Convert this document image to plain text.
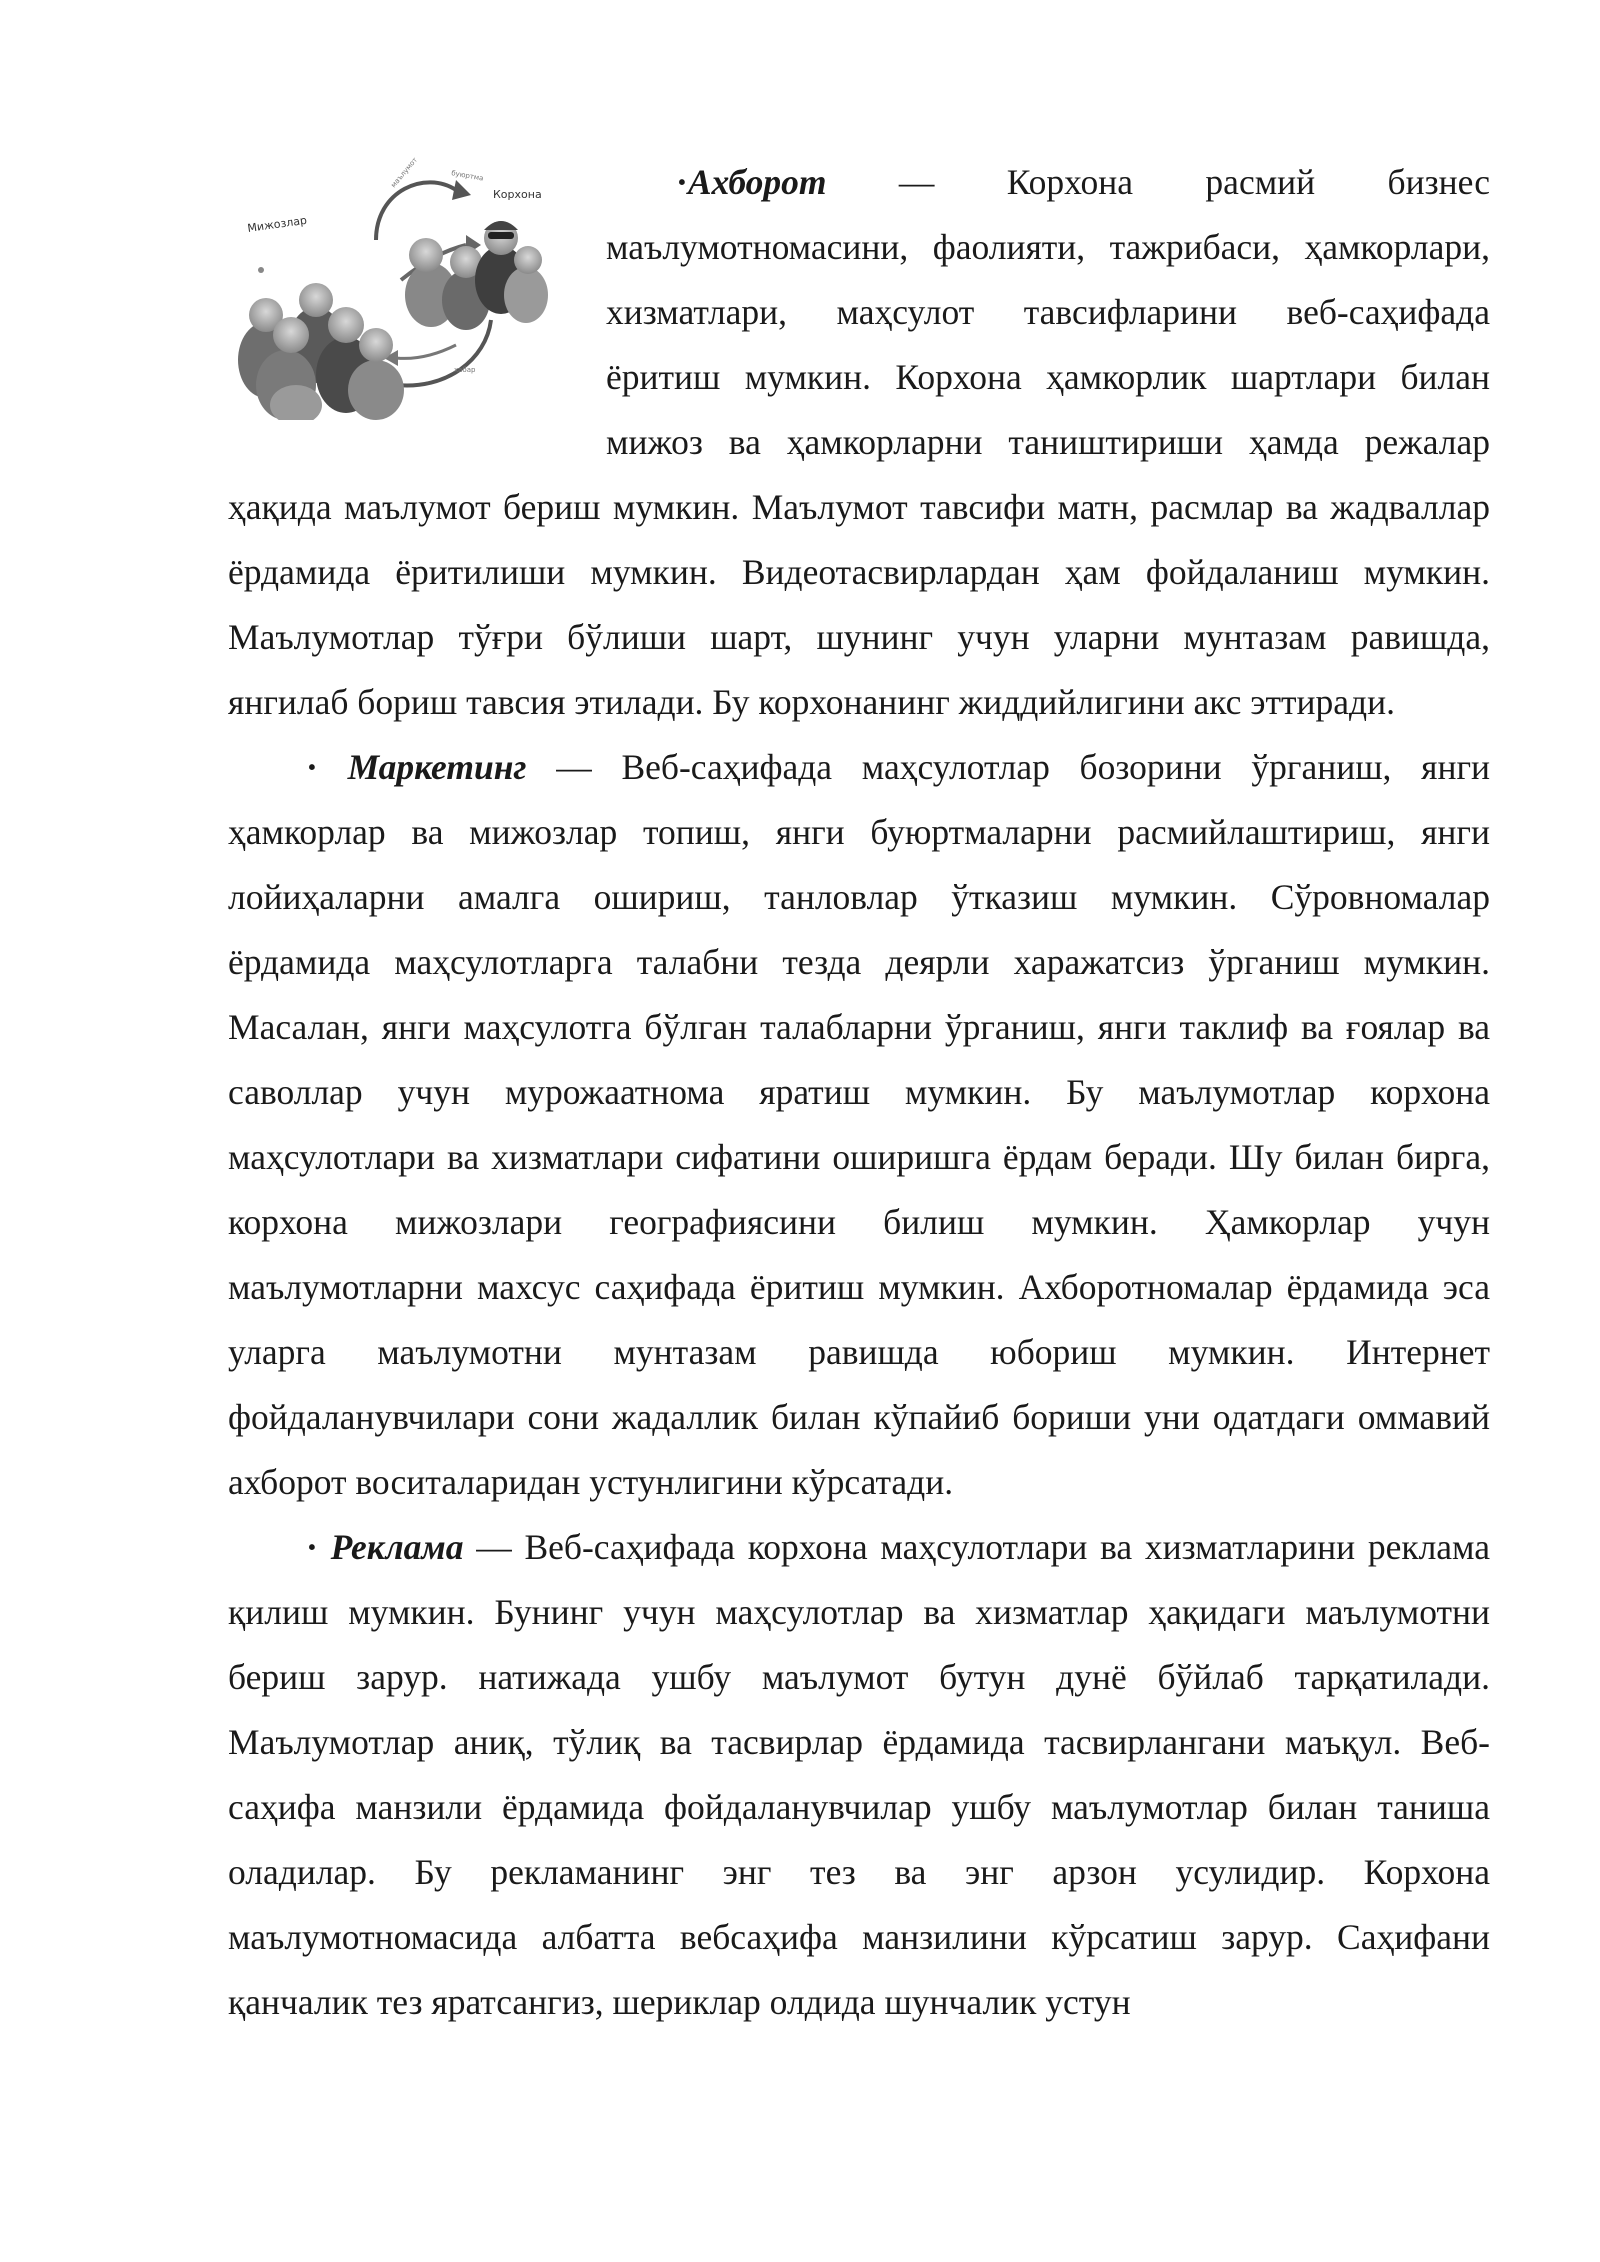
маълумот	буюртма
хабар
Мижозлар
Корхона	·Ахборот — Корхона расмий бизнес маълумотномасини, фаолияти, тажрибаси, ҳамкорлари, хизматлари, маҳсулот тавсифларини веб-саҳифада ёритиш мумкин. Корхона ҳамкорлик шартлари билан мижоз ва ҳамкорларни таништириши ҳамда режалар ҳақида маълумот бериш мумкин. Маълумот тавсифи матн, расмлар ва жадваллар ёрдамида ёритилиши мумкин. Видеотасвирлардан ҳам фойдаланиш мумкин. Маълумотлар тўғри бўлиши шарт, шунинг учун уларни мунтазам равишда, янгилаб бориш тавсия этилади. Бу корхонанинг жиддийлигини акс эттиради.

· Маркетинг — Веб-саҳифада маҳсулотлар бозорини ўрганиш, янги ҳамкорлар ва мижозлар топиш, янги буюртмаларни расмийлаштириш, янги лойиҳаларни амалга ошириш, танловлар ўтказиш мумкин. Сўровномалар ёрдамида маҳсулотларга талабни тезда деярли харажатсиз ўрганиш мумкин. Масалан, янги маҳсулотга бўлган талабларни ўрганиш, янги таклиф ва ғоялар ва саволлар учун мурожаатнома яратиш мумкин. Бу маълумотлар корхона маҳсулотлари ва хизматлари сифатини оширишга ёрдам беради. Шу билан бирга, корхона мижозлари географиясини билиш мумкин. Ҳамкорлар учун маълумотларни махсус саҳифада ёритиш мумкин. Ахборотномалар ёрдамида эса уларга маълумотни мунтазам равишда юбориш мумкин. Интернет фойдаланувчилари сони жадаллик билан кўпайиб бориши уни одатдаги оммавий ахборот воситаларидан устунлигини кўрсатади.

· Реклама — Веб-саҳифада корхона маҳсулотлари ва хизматларини реклама қилиш мумкин. Бунинг учун маҳсулотлар ва хизматлар ҳақидаги маълумотни бериш зарур. натижада ушбу маълумот бутун дунё бўйлаб тарқатилади. Маълумотлар аниқ, тўлиқ ва тасвирлар ёрдамида тасвирлангани маъқул. Веб-саҳифа манзили ёрдамида фойдаланувчилар ушбу маълумотлар билан таниша оладилар. Бу рекламанинг энг тез ва энг арзон усулидир. Корхона маълумотномасида албатта вебсаҳифа манзилини кўрсатиш зарур. Саҳифани қанчалик тез яратсангиз, шериклар олдида шунчалик устун
